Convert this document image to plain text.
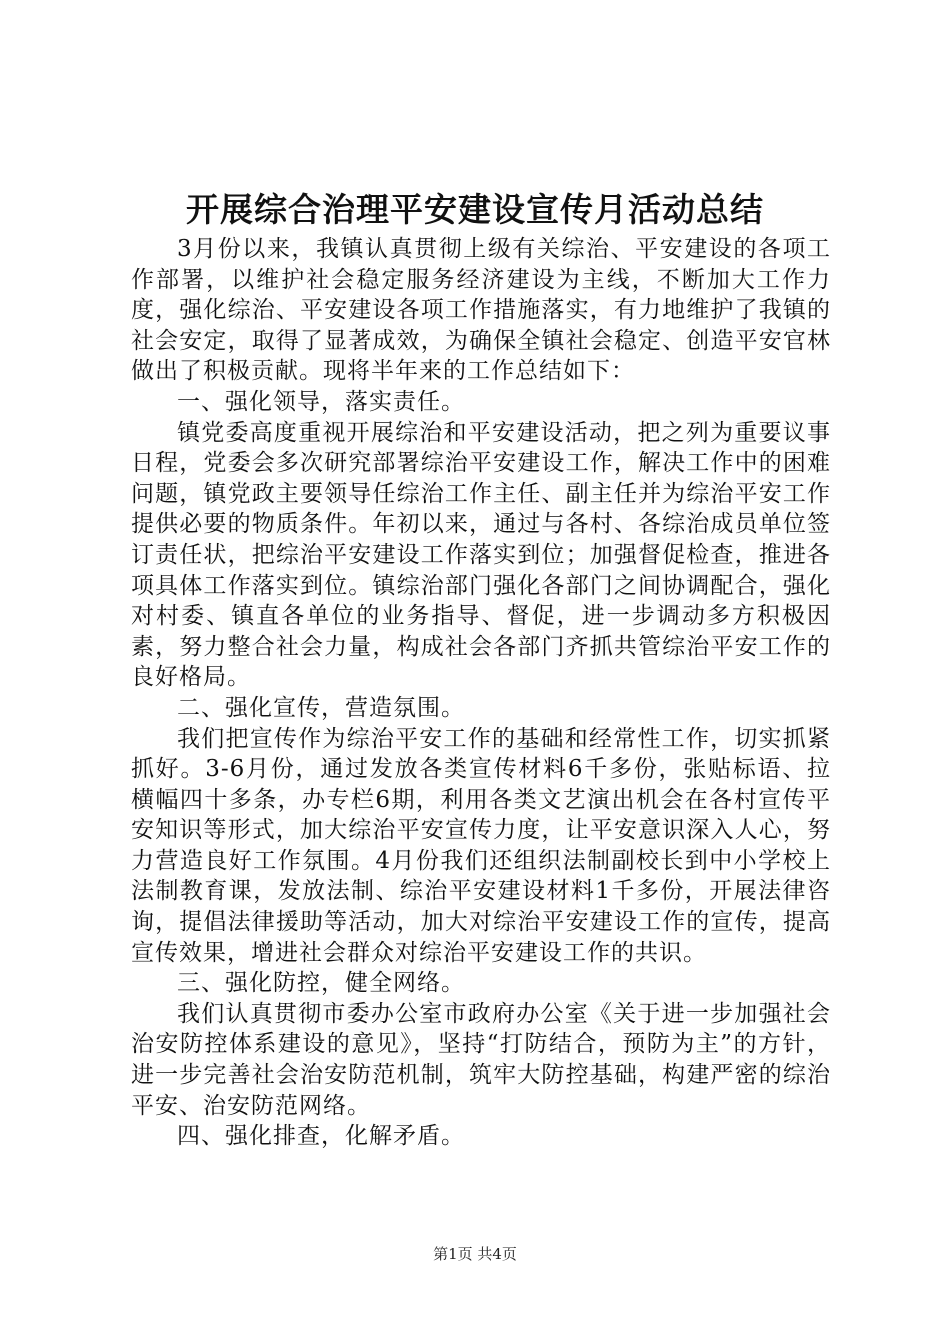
开展综合治理平安建设宣传月活动总结

3月份以来，我镇认真贯彻上级有关综治、平安建设的各项工作部署，以维护社会稳定服务经济建设为主线，不断加大工作力度，强化综治、平安建设各项工作措施落实，有力地维护了我镇的社会安定，取得了显著成效，为确保全镇社会稳定、创造平安官林做出了积极贡献。现将半年来的工作总结如下：

一、强化领导，落实责任。

镇党委高度重视开展综治和平安建设活动，把之列为重要议事日程，党委会多次研究部署综治平安建设工作，解决工作中的困难问题，镇党政主要领导任综治工作主任、副主任并为综治平安工作提供必要的物质条件。年初以来，通过与各村、各综治成员单位签订责任状，把综治平安建设工作落实到位；加强督促检查，推进各项具体工作落实到位。镇综治部门强化各部门之间协调配合，强化对村委、镇直各单位的业务指导、督促，进一步调动多方积极因素，努力整合社会力量，构成社会各部门齐抓共管综治平安工作的良好格局。

二、强化宣传，营造氛围。

我们把宣传作为综治平安工作的基础和经常性工作，切实抓紧抓好。3-6月份，通过发放各类宣传材料6千多份，张贴标语、拉横幅四十多条，办专栏6期，利用各类文艺演出机会在各村宣传平安知识等形式，加大综治平安宣传力度，让平安意识深入人心，努力营造良好工作氛围。4月份我们还组织法制副校长到中小学校上法制教育课，发放法制、综治平安建设材料1千多份，开展法律咨询，提倡法律援助等活动，加大对综治平安建设工作的宣传，提高宣传效果，增进社会群众对综治平安建设工作的共识。

三、强化防控，健全网络。

我们认真贯彻市委办公室市政府办公室《关于进一步加强社会治安防控体系建设的意见》，坚持“打防结合，预防为主”的方针，进一步完善社会治安防范机制，筑牢大防控基础，构建严密的综治平安、治安防范网络。

四、强化排查，化解矛盾。

第1页 共4页
